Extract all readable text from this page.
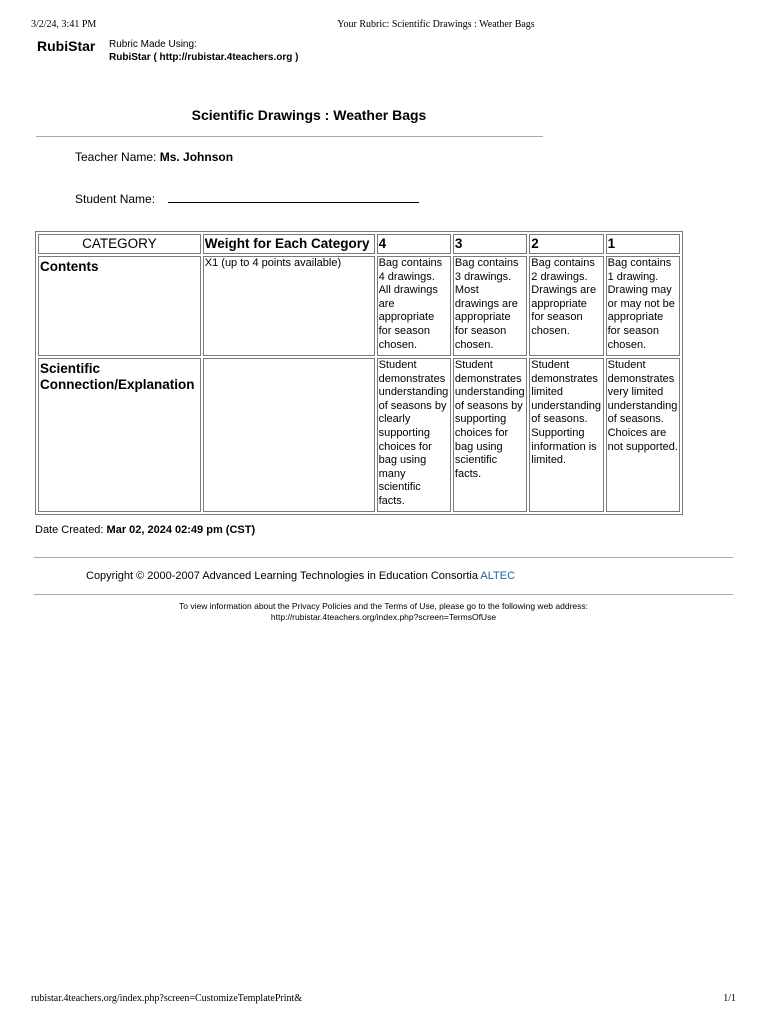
3/2/24, 3:41 PM	Your Rubric: Scientific Drawings : Weather Bags
RubiStar Rubric Made Using:
RubiStar ( http://rubistar.4teachers.org )
Scientific Drawings : Weather Bags
Teacher Name: Ms. Johnson
Student Name:
CATEGORY	Weight for Each Category	4	3	2	1
Contents	X1 (up to 4 points available)	Bag contains 4 drawings. All drawings are appropriate for season chosen.	Bag contains 3 drawings. Most drawings are appropriate for season chosen.	Bag contains 2 drawings. Drawings are appropriate for season chosen.	Bag contains 1 drawing. Drawing may or may not be appropriate for season chosen.
Scientific Connection/Explanation		Student demonstrates understanding of seasons by clearly supporting choices for bag using many scientific facts.	Student demonstrates understanding of seasons by supporting choices for bag using scientific facts.	Student demonstrates limited understanding of seasons. Supporting information is limited.	Student demonstrates very limited understanding of seasons. Choices are not supported.
Date Created: Mar 02, 2024 02:49 pm (CST)
Copyright © 2000-2007 Advanced Learning Technologies in Education Consortia ALTEC
To view information about the Privacy Policies and the Terms of Use, please go to the following web address:
http://rubistar.4teachers.org/index.php?screen=TermsOfUse
rubistar.4teachers.org/index.php?screen=CustomizeTemplatePrint&	1/1
